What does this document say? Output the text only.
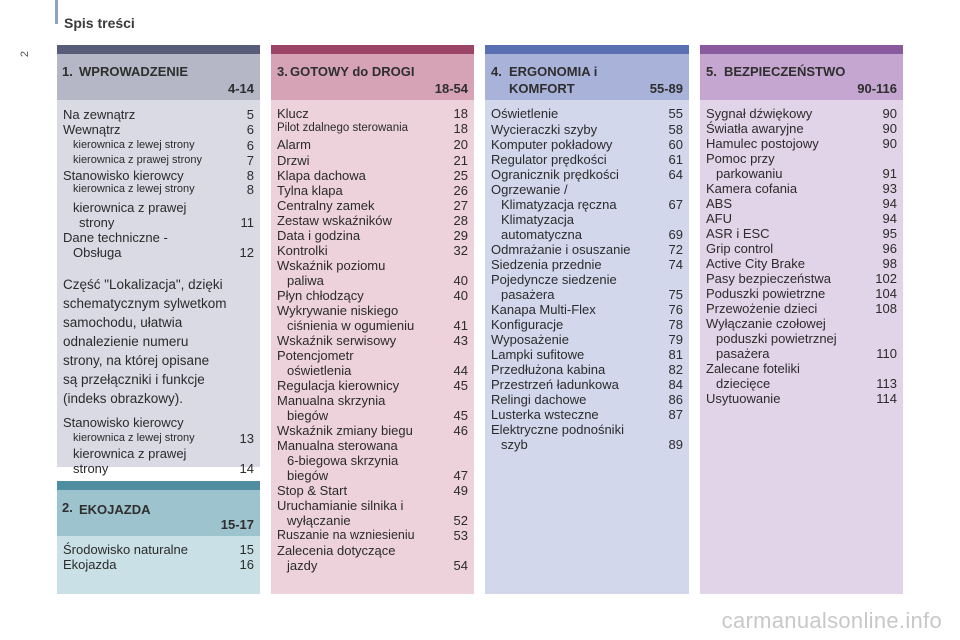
Spis treści
2
1. WPROWADZENIE
4-14
Na zewnątrz	5
Wewnątrz	6
kierownica z lewej strony	6
kierownica z prawej strony	7
Stanowisko kierowcy	8
kierownica z lewej strony	8
kierownica z prawej
strony	11
Dane techniczne -
Obsługa	12
Część "Lokalizacja", dzięki
schematycznym sylwetkom
samochodu, ułatwia
odnalezienie numeru
strony, na której opisane
są przełączniki i funkcje
(indeks obrazkowy).
Stanowisko kierowcy
kierownica z lewej strony	13
kierownica z prawej
strony	14
2. EKOJAZDA
15-17
Środowisko naturalne	15
Ekojazda	16
3. GOTOWY do DROGI
18-54
Klucz	18
Pilot zdalnego sterowania	18
Alarm	20
Drzwi	21
Klapa dachowa	25
Tylna klapa	26
Centralny zamek	27
Zestaw wskaźników	28
Data i godzina	29
Kontrolki	32
Wskaźnik poziomu
paliwa	40
Płyn chłodzący	40
Wykrywanie niskiego
ciśnienia w ogumieniu	41
Wskaźnik serwisowy	43
Potencjometr
oświetlenia	44
Regulacja kierownicy	45
Manualna skrzynia
biegów	45
Wskaźnik zmiany biegu	46
Manualna sterowana
6-biegowa skrzynia
biegów	47
Stop & Start	49
Uruchamianie silnika i
wyłączanie	52
Ruszanie na wzniesieniu	53
Zalecenia dotyczące
jazdy	54
4. ERGONOMIA i
KOMFORT	55-89
Oświetlenie	55
Wycieraczki szyby	58
Komputer pokładowy	60
Regulator prędkości	61
Ogranicznik prędkości	64
Ogrzewanie /
Klimatyzacja ręczna	67
Klimatyzacja
automatyczna	69
Odmrażanie i osuszanie	72
Siedzenia przednie	74
Pojedyncze siedzenie
pasażera	75
Kanapa Multi-Flex	76
Konfiguracje	78
Wyposażenie	79
Lampki sufitowe	81
Przedłużona kabina	82
Przestrzeń ładunkowa	84
Relingi dachowe	86
Lusterka wsteczne	87
Elektryczne podnośniki
szyb	89
5. BEZPIECZEŃSTWO
90-116
Sygnał dźwiękowy	90
Światła awaryjne	90
Hamulec postojowy	90
Pomoc przy
parkowaniu	91
Kamera cofania	93
ABS	94
AFU	94
ASR i ESC	95
Grip control	96
Active City Brake	98
Pasy bezpieczeństwa	102
Poduszki powietrzne	104
Przewożenie dzieci	108
Wyłączanie czołowej
poduszki powietrznej
pasażera	110
Zalecane foteliki
dziecięce	113
Usytuowanie	114
carmanualsonline.info
